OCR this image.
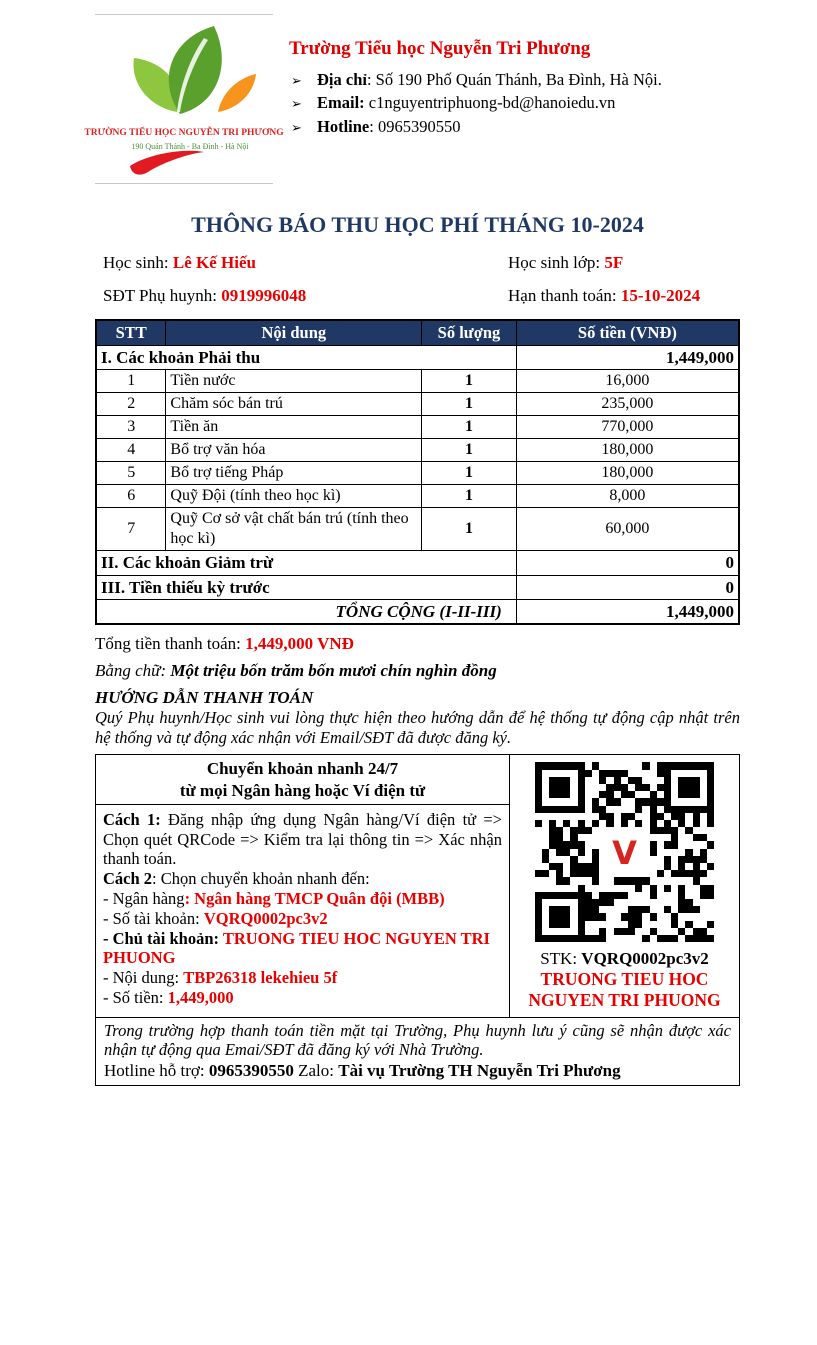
TRƯỜNG TIỂU HỌC NGUYỄN TRI PHƯƠNG
190 Quán Thánh - Ba Đình - Hà Nội
Trường Tiểu học Nguyễn Tri Phương
➢ Địa chỉ: Số 190 Phố Quán Thánh, Ba Đình, Hà Nội.
➢ Email: c1nguyentriphuong-bd@hanoiedu.vn
➢ Hotline: 0965390550
THÔNG BÁO THU HỌC PHÍ THÁNG 10-2024
Học sinh: Lê Kế Hiếu	Học sinh lớp: 5F
SĐT Phụ huynh: 0919996048	Hạn thanh toán: 15-10-2024
STT	Nội dung	Số lượng	Số tiền (VNĐ)
I. Các khoản Phải thu			1,449,000
1	Tiền nước	1	16,000
2	Chăm sóc bán trú	1	235,000
3	Tiền ăn	1	770,000
4	Bổ trợ văn hóa	1	180,000
5	Bổ trợ tiếng Pháp	1	180,000
6	Quỹ Đội (tính theo học kì)	1	8,000
7	Quỹ Cơ sở vật chất bán trú (tính theo học kì)	1	60,000
II. Các khoản Giảm trừ			0
III. Tiền thiếu kỳ trước			0
TỔNG CỘNG (I-II-III)			1,449,000
Tổng tiền thanh toán: 1,449,000 VNĐ
Bằng chữ: Một triệu bốn trăm bốn mươi chín nghìn đồng
HƯỚNG DẪN THANH TOÁN
Quý Phụ huynh/Học sinh vui lòng thực hiện theo hướng dẫn để hệ thống tự động cập nhật trên hệ thống và tự động xác nhận với Email/SĐT đã được đăng ký.
Chuyển khoản nhanh 24/7
từ mọi Ngân hàng hoặc Ví điện tử
Cách 1: Đăng nhập ứng dụng Ngân hàng/Ví điện tử => Chọn quét QRCode => Kiểm tra lại thông tin => Xác nhận thanh toán.
Cách 2: Chọn chuyển khoản nhanh đến:
- Ngân hàng: Ngân hàng TMCP Quân đội (MBB)
- Số tài khoản: VQRQ0002pc3v2
- Chủ tài khoản: TRUONG TIEU HOC NGUYEN TRI PHUONG
- Nội dung: TBP26318 lekehieu 5f
- Số tiền: 1,449,000
V
STK: VQRQ0002pc3v2
TRUONG TIEU HOC
NGUYEN TRI PHUONG
Trong trường hợp thanh toán tiền mặt tại Trường, Phụ huynh lưu ý cũng sẽ nhận được xác nhận tự động qua Emai/SĐT đã đăng ký với Nhà Trường.
Hotline hỗ trợ: 0965390550 Zalo: Tài vụ Trường TH Nguyễn Tri Phương
